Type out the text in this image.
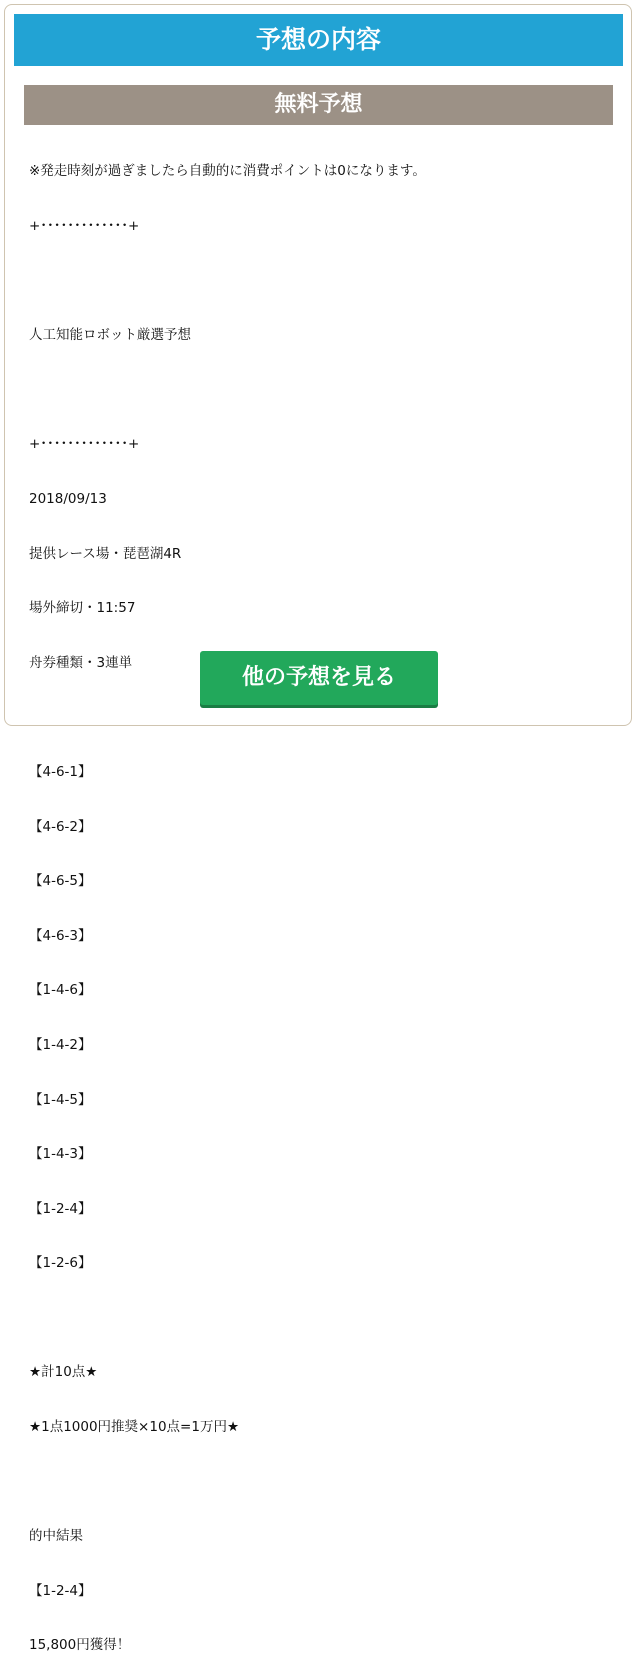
予想の内容
無料予想

※発走時刻が過ぎましたら自動的に消費ポイントは0になります。

+･････････････+

人工知能ロボット厳選予想

+･････････････+

2018/09/13

提供レース場・琵琶湖4R

場外締切・11:57

舟券種類・3連単

【4-6-1】

【4-6-2】

【4-6-5】

【4-6-3】

【1-4-6】

【1-4-2】

【1-4-5】

【1-4-3】

【1-2-4】

【1-2-6】

★計10点★

★1点1000円推奨×10点=1万円★

的中結果

【1-2-4】

15,800円獲得！

他の予想を見る
